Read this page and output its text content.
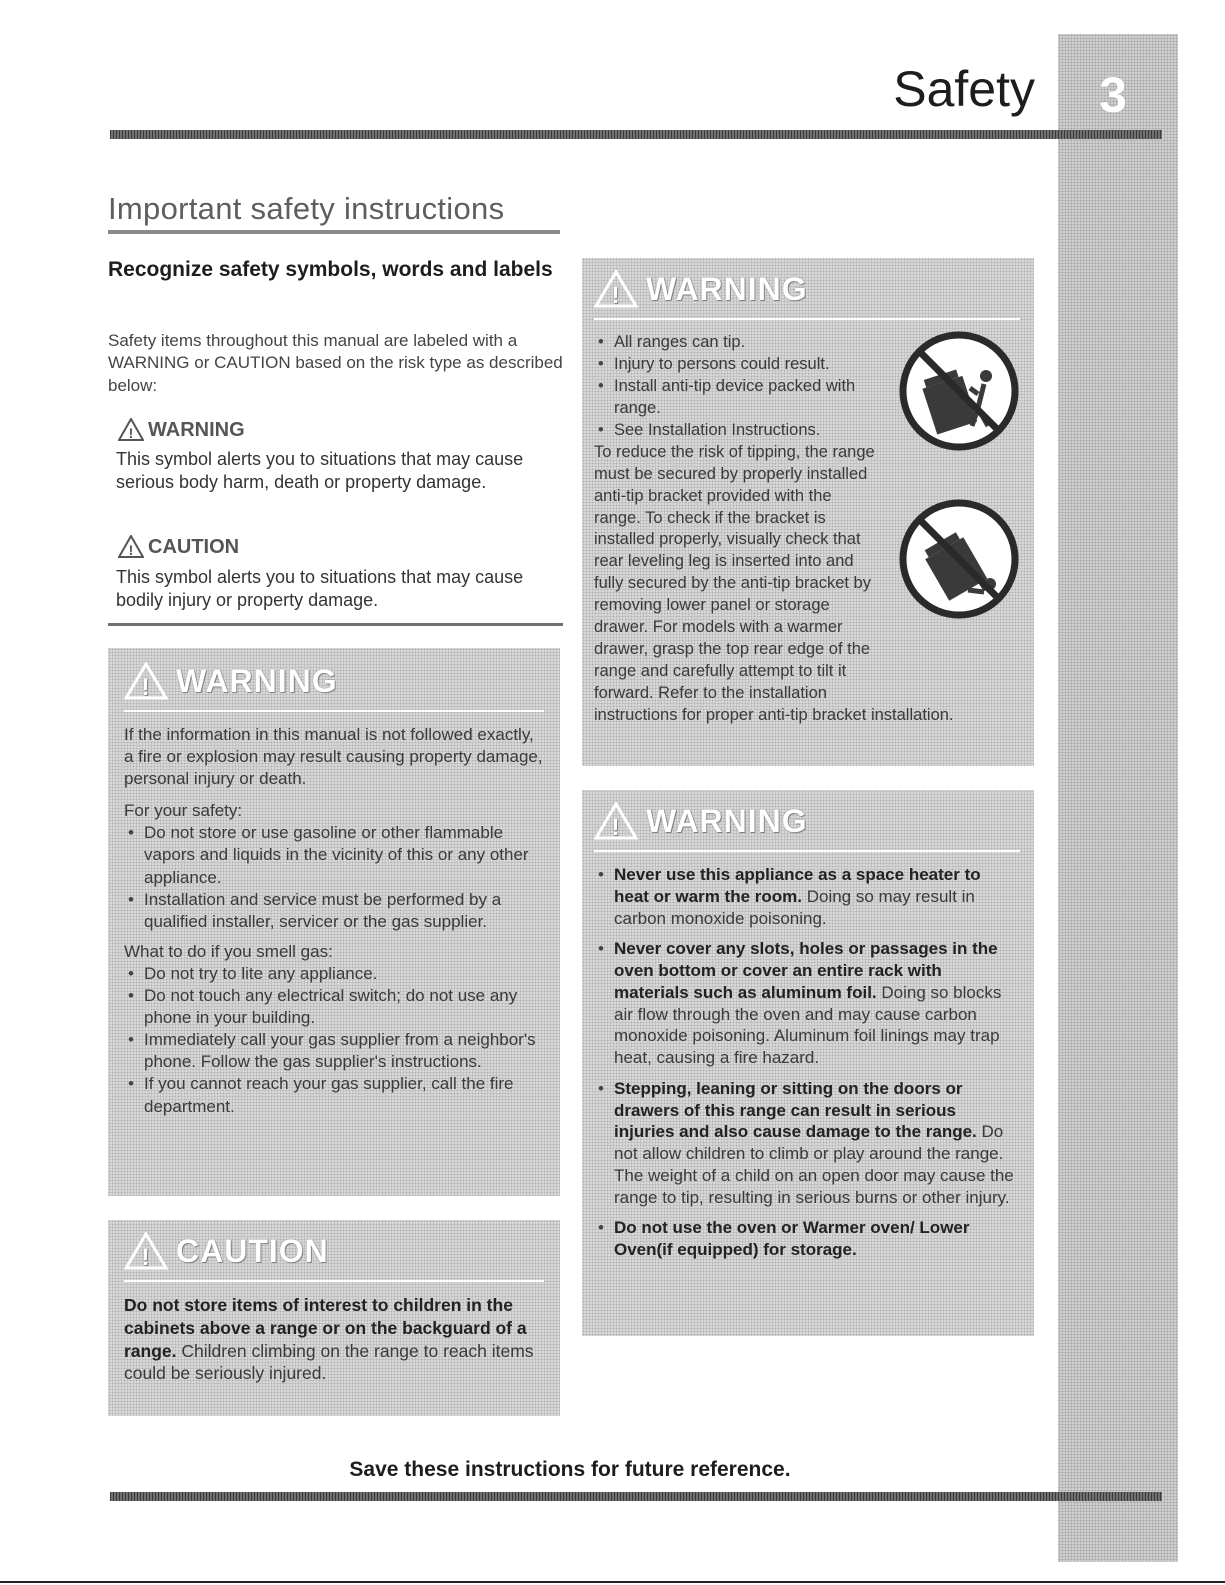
3
Safety
Important safety instructions
Recognize safety symbols, words and labels
Safety items throughout this manual are labeled with a WARNING or CAUTION based on the risk type as described below:
! WARNING
This symbol alerts you to situations that may cause serious body harm, death or property damage.
! CAUTION
This symbol alerts you to situations that may cause bodily injury or property damage.
! WARNING

If the information in this manual is not followed exactly, a fire or explosion may result causing property damage, personal injury or death.

For your safety:
• Do not store or use gasoline or other flammable vapors and liquids in the vicinity of this or any other appliance.
• Installation and service must be performed by a qualified installer, servicer or the gas supplier.
What to do if you smell gas:
• Do not try to lite any appliance.
• Do not touch any electrical switch; do not use any phone in your building.
• Immediately call your gas supplier from a neighbor's phone. Follow the gas supplier's instructions.
• If you cannot reach your gas supplier, call the fire department.
! CAUTION
Do not store items of interest to children in the cabinets above a range or on the backguard of a range. Children climbing on the range to reach items could be seriously injured.
! WARNING
• All ranges can tip.
• Injury to persons could result.
• Install anti-tip device packed with range.
• See Installation Instructions.
To reduce the risk of tipping, the range must be secured by properly installed anti-tip bracket provided with the range. To check if the bracket is installed properly, visually check that rear leveling leg is inserted into and fully secured by the anti-tip bracket by removing lower panel or storage drawer. For models with a warmer drawer, grasp the top rear edge of the range and carefully attempt to tilt it forward. Refer to the installation instructions for proper anti-tip bracket installation.
! WARNING
• Never use this appliance as a space heater to heat or warm the room. Doing so may result in carbon monoxide poisoning.
• Never cover any slots, holes or passages in the oven bottom or cover an entire rack with materials such as aluminum foil. Doing so blocks air flow through the oven and may cause carbon monoxide poisoning. Aluminum foil linings may trap heat, causing a fire hazard.
• Stepping, leaning or sitting on the doors or drawers of this range can result in serious injuries and also cause damage to the range. Do not allow children to climb or play around the range. The weight of a child on an open door may cause the range to tip, resulting in serious burns or other injury.
• Do not use the oven or Warmer oven/ Lower Oven(if equipped) for storage.
Save these instructions for future reference.
